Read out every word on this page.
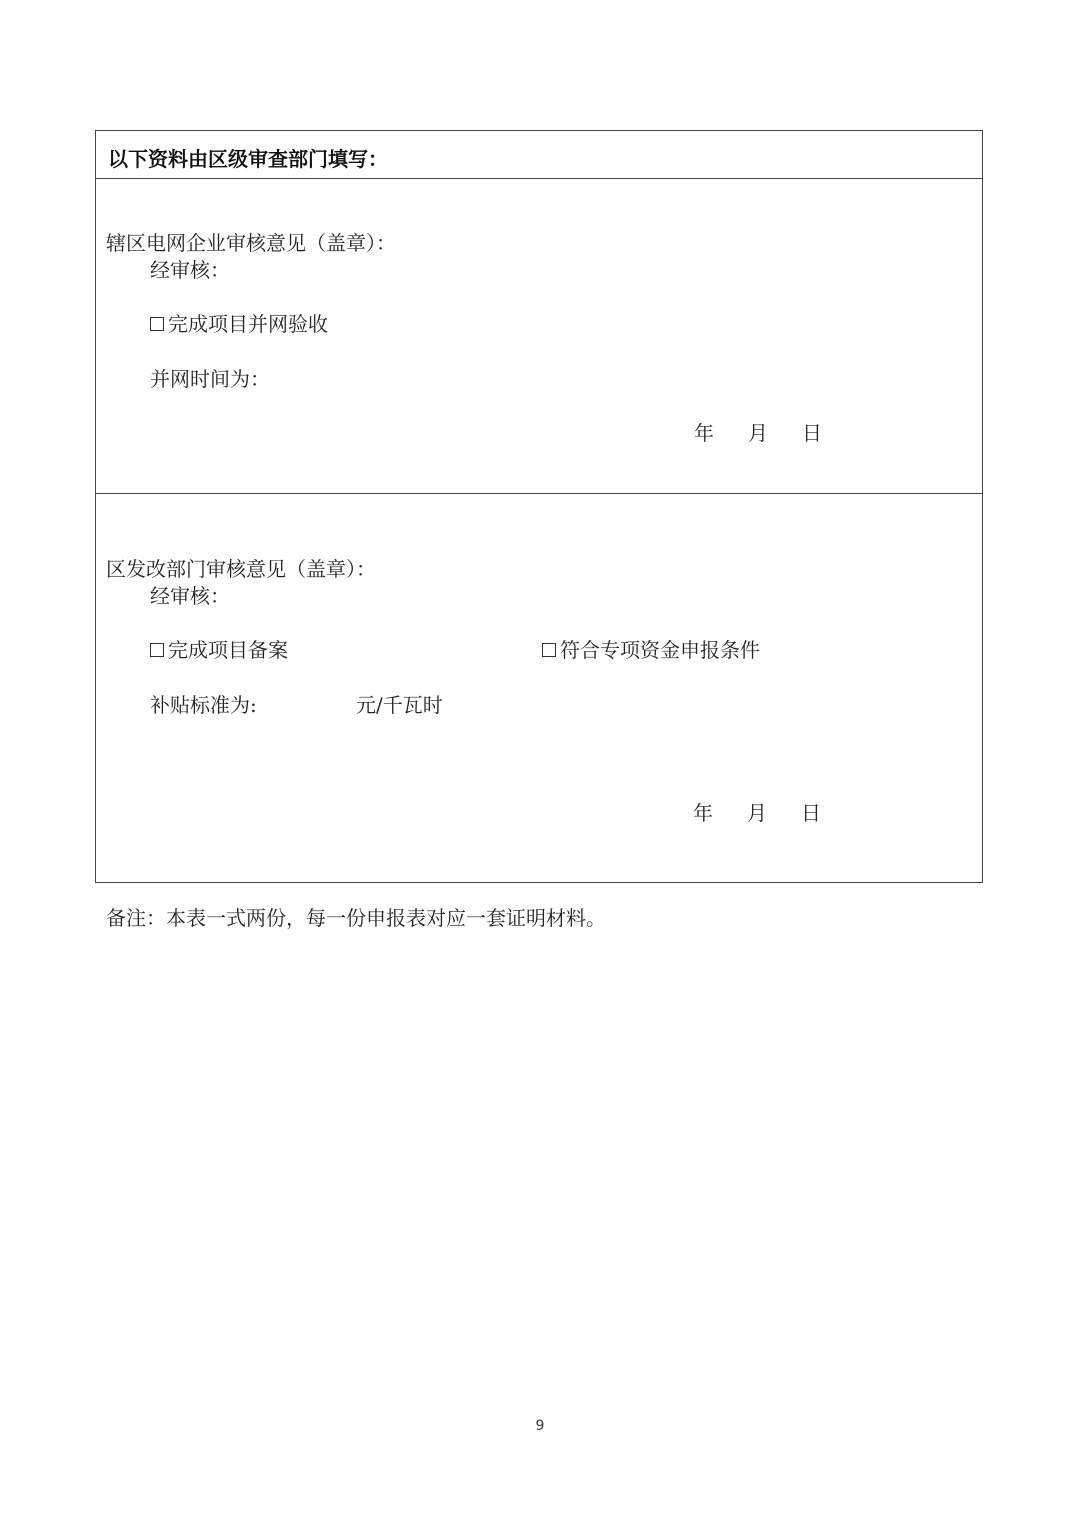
以下资料由区级审查部门填写：
辖区电网企业审核意见（盖章）：
经审核：
完成项目并网验收
并网时间为：
年 月 日
区发改部门审核意见（盖章）：
经审核：
完成项目备案	符合专项资金申报条件
补贴标准为:	元/千瓦时
年 月 日
备注：本表一式两份，每一份申报表对应一套证明材料。
9
